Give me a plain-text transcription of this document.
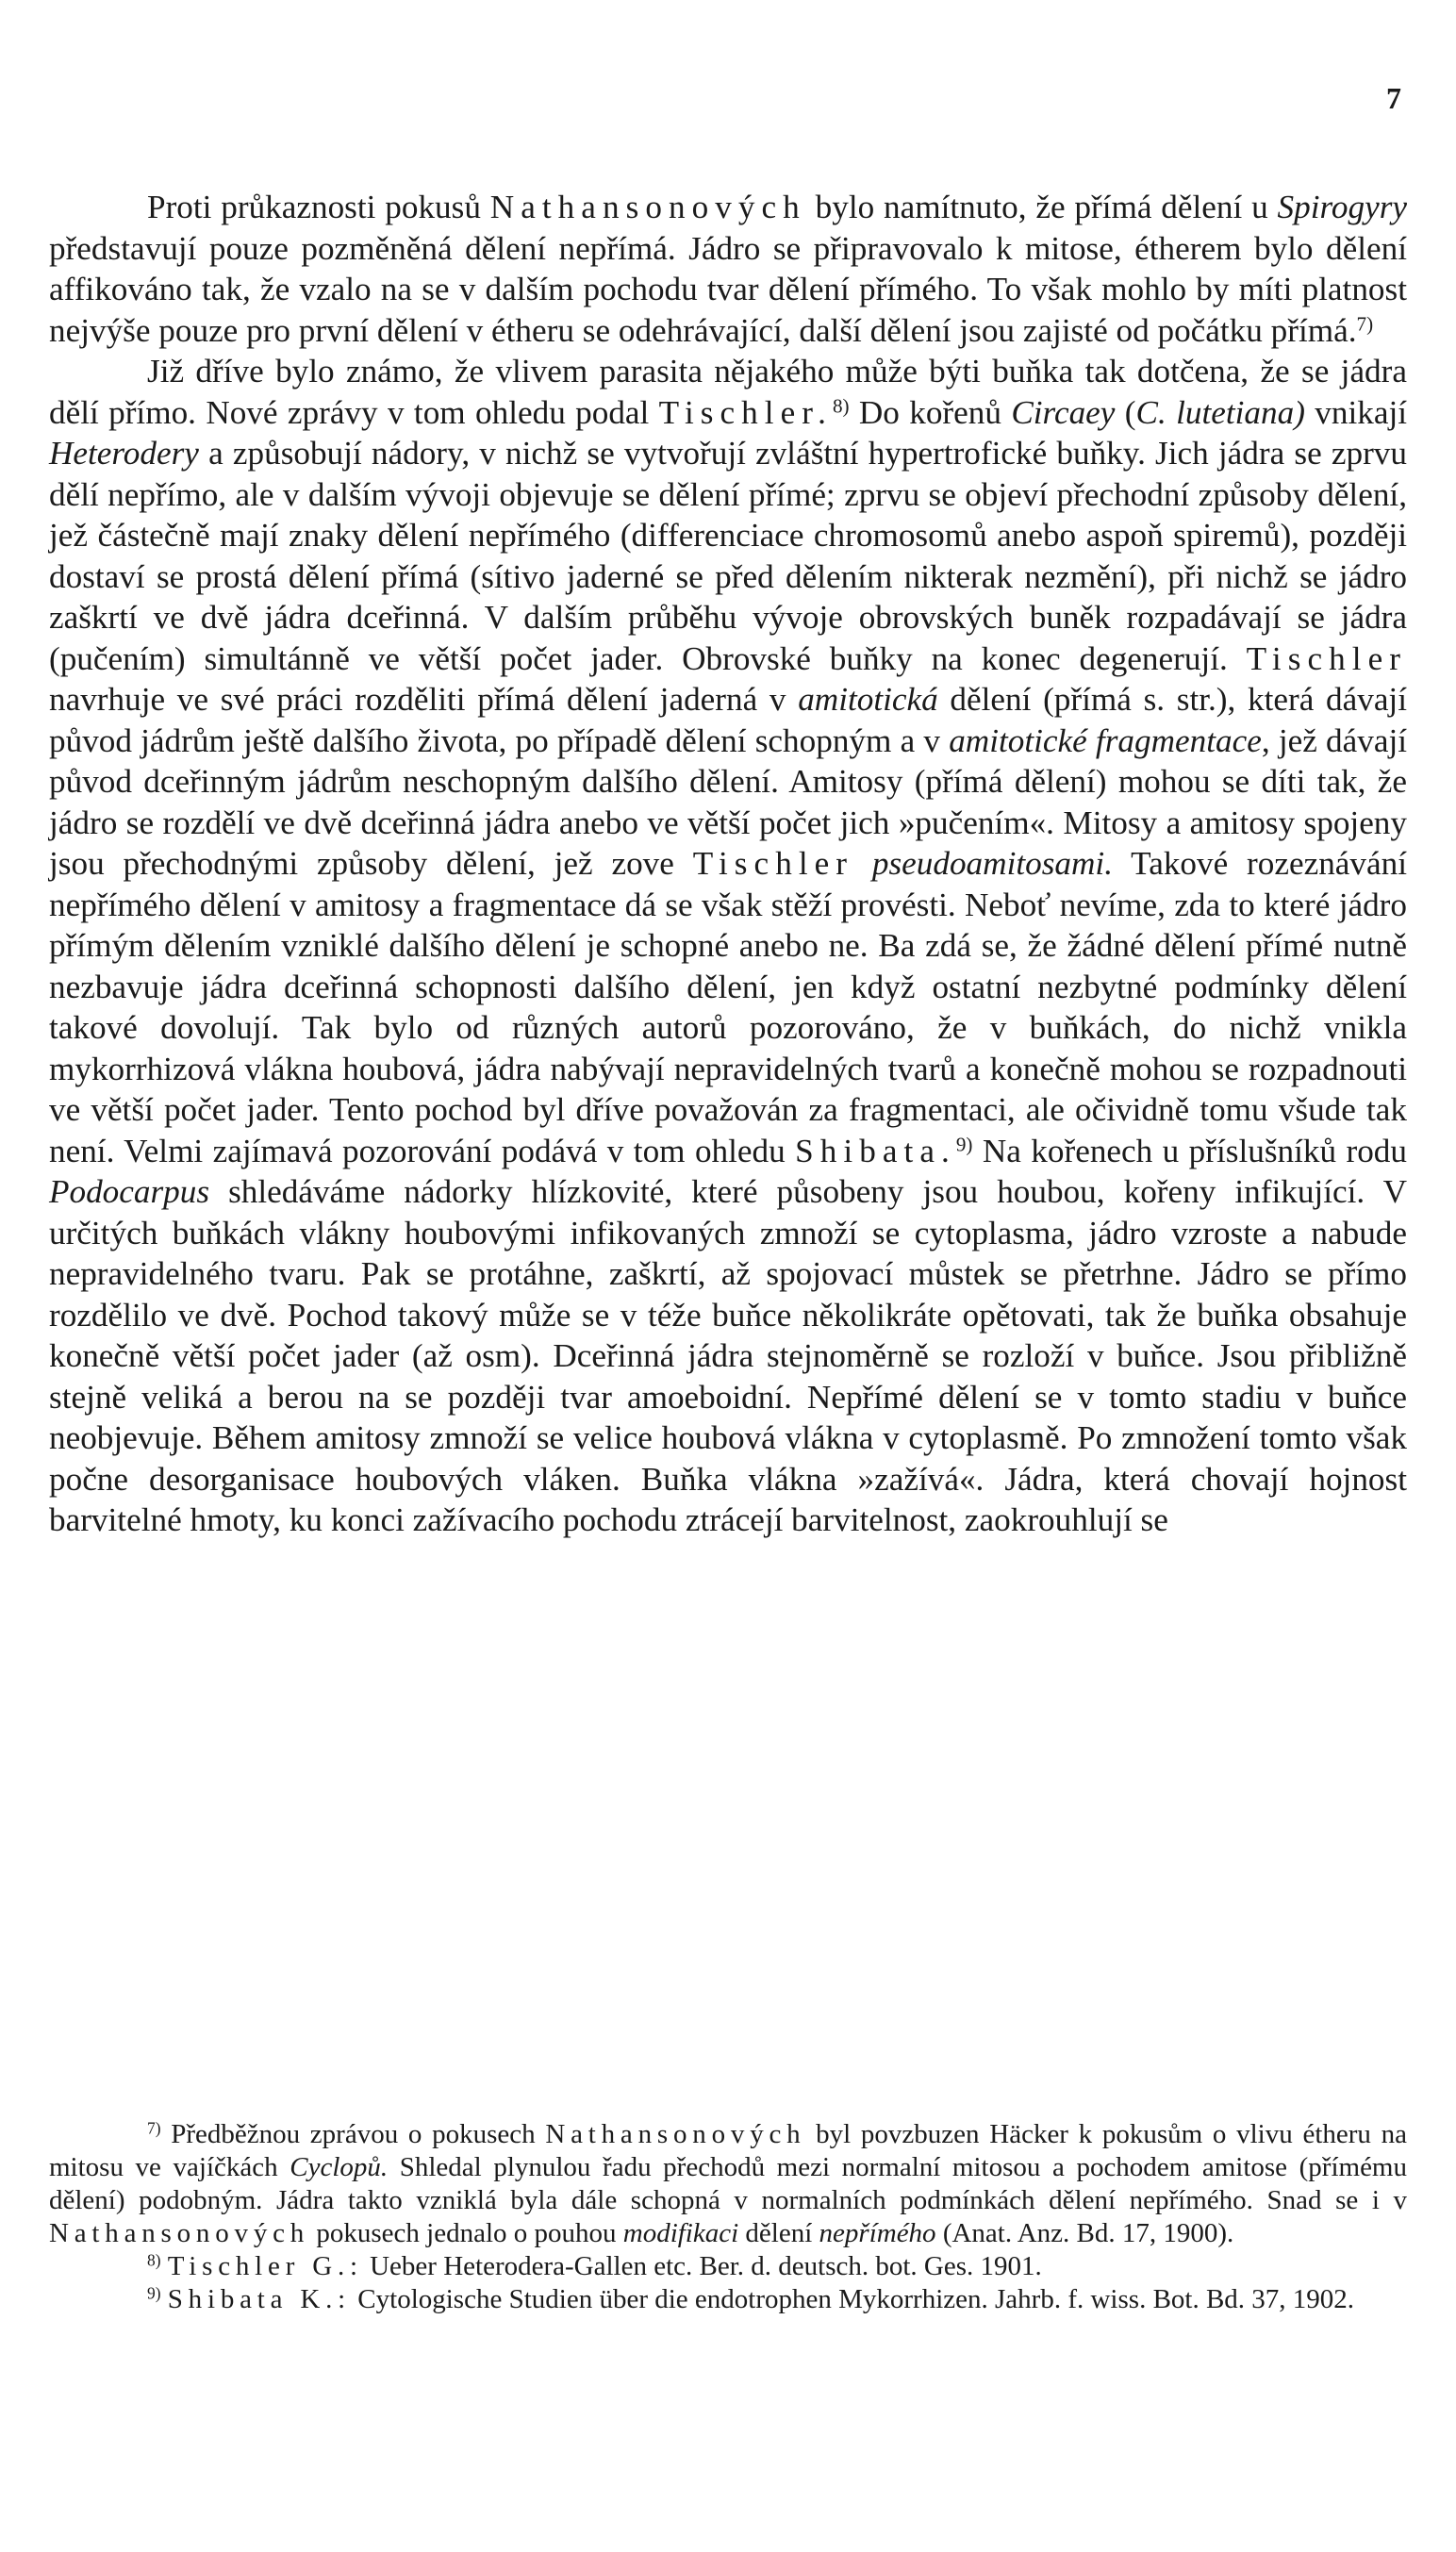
7

Proti průkaznosti pokusů Nathansonových bylo namítnuto, že přímá dělení u Spirogyry představují pouze pozměněná dělení nepřímá. Jádro se připravovalo k mitose, étherem bylo dělení affikováno tak, že vzalo na se v dalším pochodu tvar dělení přímého. To však mohlo by míti platnost nejvýše pouze pro první dělení v étheru se odehrávající, další dělení jsou zajisté od počátku přímá.$^{7)}$

Již dříve bylo známo, že vlivem parasita nějakého může býti buňka tak dotčena, že se jádra dělí přímo. Nové zprávy v tom ohledu podal Tischler.$^{8)}$ Do kořenů Circaey (C. lutetiana) vnikají Heterodery a způsobují nádory, v nichž se vytvořují zvláštní hypertrofické buňky. Jich jádra se zprvu dělí nepřímo, ale v dalším vývoji objevuje se dělení přímé; zprvu se objeví přechodní způsoby dělení, jež částečně mají znaky dělení nepřímého (differenciace chromosomů anebo aspoň spiremů), později dostaví se prostá dělení přímá (sítivo jaderné se před dělením nikterak nezmění), při nichž se jádro zaškrtí ve dvě jádra dceřinná. V dalším průběhu vývoje obrovských buněk rozpadávají se jádra (pučením) simultánně ve větší počet jader. Obrovské buňky na konec degenerují. Tischler navrhuje ve své práci rozděliti přímá dělení jaderná v amitotická dělení (přímá s. str.), která dávají původ jádrům ještě dalšího života, po případě dělení schopným a v amitotické fragmentace, jež dávají původ dceřinným jádrům neschopným dalšího dělení. Amitosy (přímá dělení) mohou se díti tak, že jádro se rozdělí ve dvě dceřinná jádra anebo ve větší počet jich »pučením«. Mitosy a amitosy spojeny jsou přechodnými způsoby dělení, jež zove Tischler pseudoamitosami. Takové rozeznávání nepřímého dělení v amitosy a fragmentace dá se však stěží provésti. Neboť nevíme, zda to které jádro přímým dělením vzniklé dalšího dělení je schopné anebo ne. Ba zdá se, že žádné dělení přímé nutně nezbavuje jádra dceřinná schopnosti dalšího dělení, jen když ostatní nezbytné podmínky dělení takové dovolují. Tak bylo od různých autorů pozorováno, že v buňkách, do nichž vnikla mykorrhizová vlákna houbová, jádra nabývají nepravidelných tvarů a konečně mohou se rozpadnouti ve větší počet jader. Tento pochod byl dříve považován za fragmentaci, ale očividně tomu všude tak není. Velmi zajímavá pozorování podává v tom ohledu Shibata.$^{9)}$ Na kořenech u příslušníků rodu Podocarpus shledáváme nádorky hlízkovité, které působeny jsou houbou, kořeny infikující. V určitých buňkách vlákny houbovými infikovaných zmnoží se cytoplasma, jádro vzroste a nabude nepravidelného tvaru. Pak se protáhne, zaškrtí, až spojovací můstek se přetrhne. Jádro se přímo rozdělilo ve dvě. Pochod takový může se v téže buňce několikráte opětovati, tak že buňka obsahuje konečně větší počet jader (až osm). Dceřinná jádra stejnoměrně se rozloží v buňce. Jsou přibližně stejně veliká a berou na se později tvar amoeboidní. Nepřímé dělení se v tomto stadiu v buňce neobjevuje. Během amitosy zmnoží se velice houbová vlákna v cytoplasmě. Po zmnožení tomto však počne desorganisace houbových vláken. Buňka vlákna »zažívá«. Jádra, která chovají hojnost barvitelné hmoty, ku konci zažívacího pochodu ztrácejí barvitelnost, zaokrouhlují se

$^{7)}$ Předběžnou zprávou o pokusech Nathansonových byl povzbuzen Häcker k pokusům o vlivu étheru na mitosu ve vajíčkách Cyclopů. Shledal plynulou řadu přechodů mezi normalní mitosou a pochodem amitose (přímému dělení) podobným. Jádra takto vzniklá byla dále schopná v normalních podmínkách dělení nepřímého. Snad se i v Nathansonových pokusech jednalo o pouhou modifikaci dělení nepřímého (Anat. Anz. Bd. 17, 1900).

$^{8)}$ Tischler G.: Ueber Heterodera-Gallen etc. Ber. d. deutsch. bot. Ges. 1901.

$^{9)}$ Shibata K.: Cytologische Studien über die endotrophen Mykorrhizen. Jahrb. f. wiss. Bot. Bd. 37, 1902.
